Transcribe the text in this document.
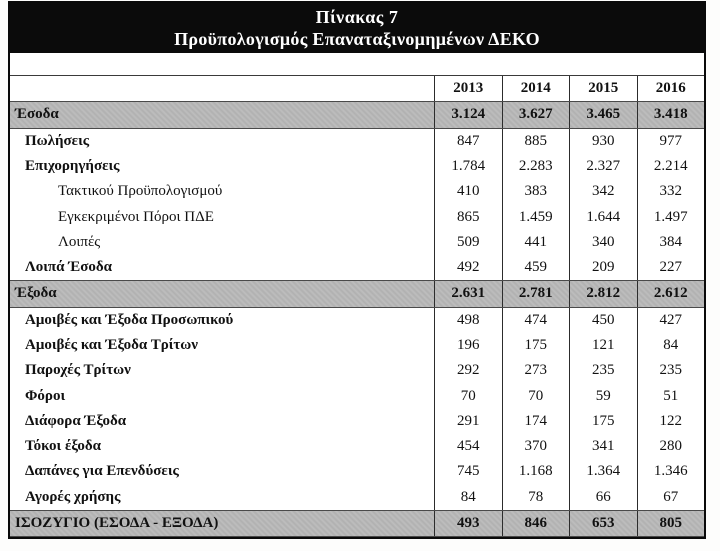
Πίνακας 7
Προϋπολογισμός Επαναταξινομημένων ΔΕΚΟ
2013	2014	2015	2016
Έσοδα	3.124	3.627	3.465	3.418
Πωλήσεις	847	885	930	977
Επιχορηγήσεις	1.784	2.283	2.327	2.214
Τακτικού Προϋπολογισμού	410	383	342	332
Εγκεκριμένοι Πόροι ΠΔΕ	865	1.459	1.644	1.497
Λοιπές	509	441	340	384
Λοιπά Έσοδα	492	459	209	227
Έξοδα	2.631	2.781	2.812	2.612
Αμοιβές και Έξοδα Προσωπικού	498	474	450	427
Αμοιβές και Έξοδα Τρίτων	196	175	121	84
Παροχές Τρίτων	292	273	235	235
Φόροι	70	70	59	51
Διάφορα Έξοδα	291	174	175	122
Τόκοι έξοδα	454	370	341	280
Δαπάνες για Επενδύσεις	745	1.168	1.364	1.346
Αγορές χρήσης	84	78	66	67
ΙΣΟΖΥΓΙΟ (ΕΣΟΔΑ - ΕΞΟΔΑ)	493	846	653	805
